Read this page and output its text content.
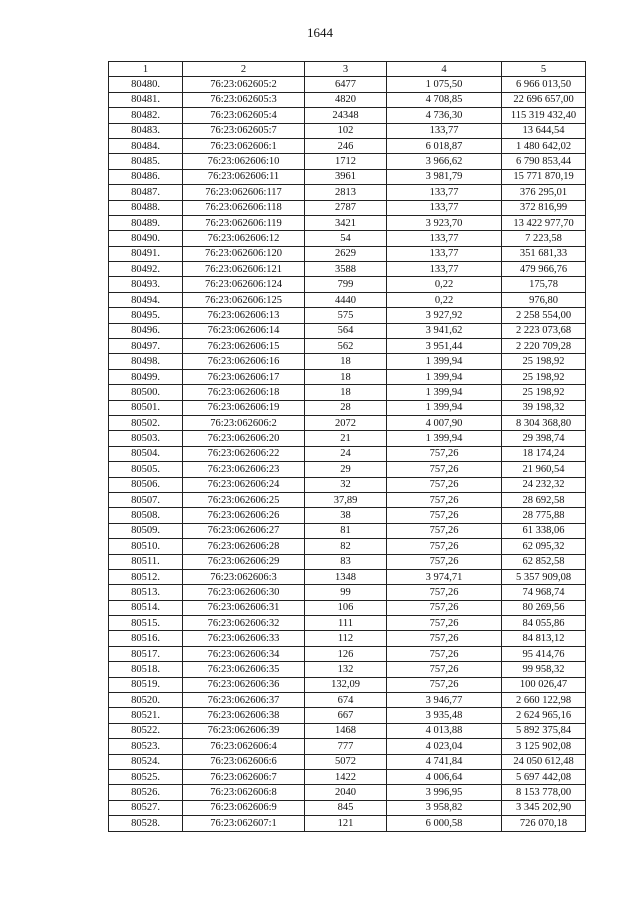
1644
1	2	3	4	5
80480.	76:23:062605:2	6477	1 075,50	6 966 013,50
80481.	76:23:062605:3	4820	4 708,85	22 696 657,00
80482.	76:23:062605:4	24348	4 736,30	115 319 432,40
80483.	76:23:062605:7	102	133,77	13 644,54
80484.	76:23:062606:1	246	6 018,87	1 480 642,02
80485.	76:23:062606:10	1712	3 966,62	6 790 853,44
80486.	76:23:062606:11	3961	3 981,79	15 771 870,19
80487.	76:23:062606:117	2813	133,77	376 295,01
80488.	76:23:062606:118	2787	133,77	372 816,99
80489.	76:23:062606:119	3421	3 923,70	13 422 977,70
80490.	76:23:062606:12	54	133,77	7 223,58
80491.	76:23:062606:120	2629	133,77	351 681,33
80492.	76:23:062606:121	3588	133,77	479 966,76
80493.	76:23:062606:124	799	0,22	175,78
80494.	76:23:062606:125	4440	0,22	976,80
80495.	76:23:062606:13	575	3 927,92	2 258 554,00
80496.	76:23:062606:14	564	3 941,62	2 223 073,68
80497.	76:23:062606:15	562	3 951,44	2 220 709,28
80498.	76:23:062606:16	18	1 399,94	25 198,92
80499.	76:23:062606:17	18	1 399,94	25 198,92
80500.	76:23:062606:18	18	1 399,94	25 198,92
80501.	76:23:062606:19	28	1 399,94	39 198,32
80502.	76:23:062606:2	2072	4 007,90	8 304 368,80
80503.	76:23:062606:20	21	1 399,94	29 398,74
80504.	76:23:062606:22	24	757,26	18 174,24
80505.	76:23:062606:23	29	757,26	21 960,54
80506.	76:23:062606:24	32	757,26	24 232,32
80507.	76:23:062606:25	37,89	757,26	28 692,58
80508.	76:23:062606:26	38	757,26	28 775,88
80509.	76:23:062606:27	81	757,26	61 338,06
80510.	76:23:062606:28	82	757,26	62 095,32
80511.	76:23:062606:29	83	757,26	62 852,58
80512.	76:23:062606:3	1348	3 974,71	5 357 909,08
80513.	76:23:062606:30	99	757,26	74 968,74
80514.	76:23:062606:31	106	757,26	80 269,56
80515.	76:23:062606:32	111	757,26	84 055,86
80516.	76:23:062606:33	112	757,26	84 813,12
80517.	76:23:062606:34	126	757,26	95 414,76
80518.	76:23:062606:35	132	757,26	99 958,32
80519.	76:23:062606:36	132,09	757,26	100 026,47
80520.	76:23:062606:37	674	3 946,77	2 660 122,98
80521.	76:23:062606:38	667	3 935,48	2 624 965,16
80522.	76:23:062606:39	1468	4 013,88	5 892 375,84
80523.	76:23:062606:4	777	4 023,04	3 125 902,08
80524.	76:23:062606:6	5072	4 741,84	24 050 612,48
80525.	76:23:062606:7	1422	4 006,64	5 697 442,08
80526.	76:23:062606:8	2040	3 996,95	8 153 778,00
80527.	76:23:062606:9	845	3 958,82	3 345 202,90
80528.	76:23:062607:1	121	6 000,58	726 070,18
